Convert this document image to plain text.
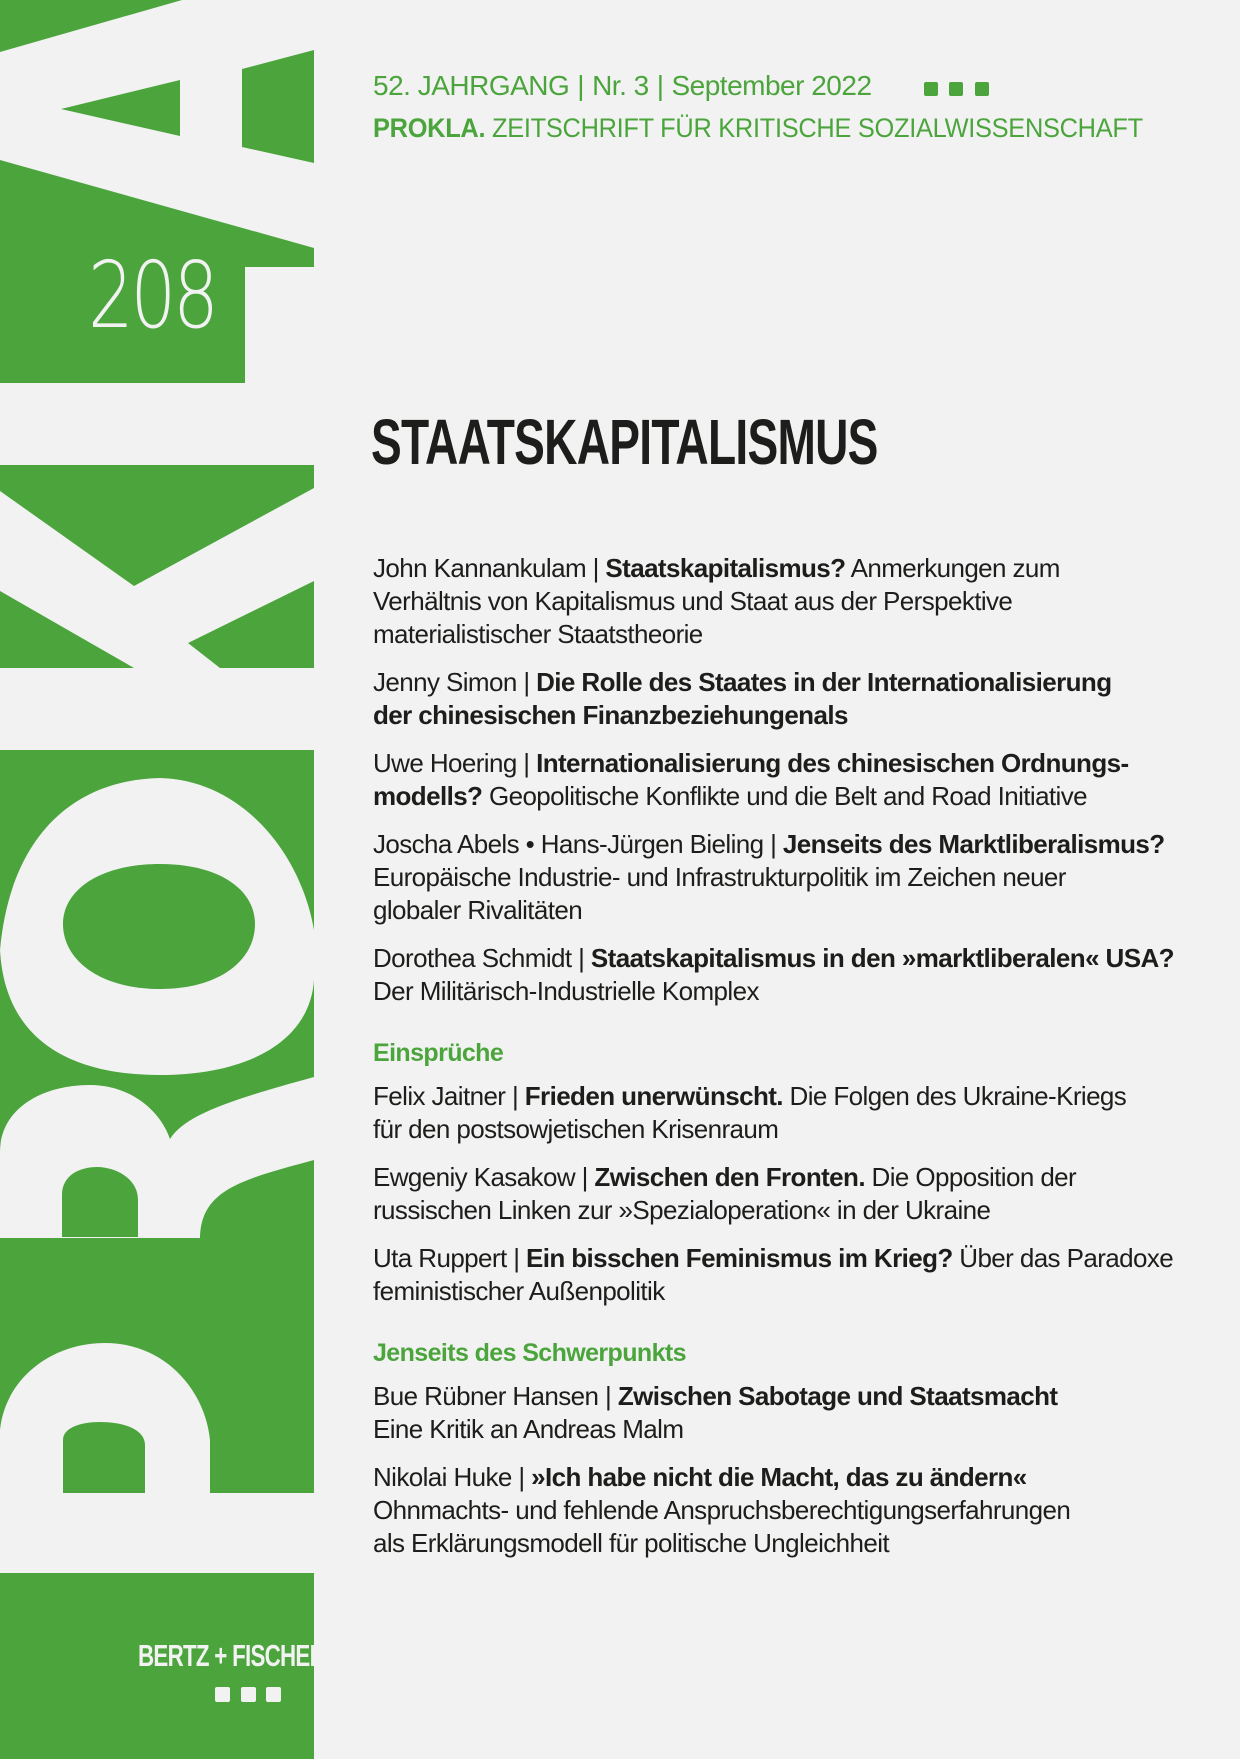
208
BERTZ + FISCHER
52. JAHRGANG | Nr. 3 | September 2022
PROKLA. ZEITSCHRIFT FÜR KRITISCHE SOZIALWISSENSCHAFT
STAATSKAPITALISMUS
John Kannankulam | Staatskapitalismus? Anmerkungen zum
Verhältnis von Kapitalismus und Staat aus der Perspektive
materialistischer Staatstheorie
Jenny Simon | Die Rolle des Staates in der Internationalisierung
der chinesischen Finanzbeziehungenals
Uwe Hoering | Internationalisierung des chinesischen Ordnungs-
modells? Geopolitische Konflikte und die Belt and Road Initiative
Joscha Abels • Hans-Jürgen Bieling | Jenseits des Marktliberalismus?
Europäische Industrie- und Infrastrukturpolitik im Zeichen neuer
globaler Rivalitäten
Dorothea Schmidt | Staatskapitalismus in den »marktliberalen« USA?
Der Militärisch-Industrielle Komplex
Einsprüche
Felix Jaitner | Frieden unerwünscht. Die Folgen des Ukraine-Kriegs
für den postsowjetischen Krisenraum
Ewgeniy Kasakow | Zwischen den Fronten. Die Opposition der
russischen Linken zur »Spezialoperation« in der Ukraine
Uta Ruppert | Ein bisschen Feminismus im Krieg? Über das Paradoxe
feministischer Außenpolitik
Jenseits des Schwerpunkts
Bue Rübner Hansen | Zwischen Sabotage und Staatsmacht
Eine Kritik an Andreas Malm
Nikolai Huke | »Ich habe nicht die Macht, das zu ändern«
Ohnmachts- und fehlende Anspruchsberechtigungserfahrungen
als Erklärungsmodell für politische Ungleichheit
